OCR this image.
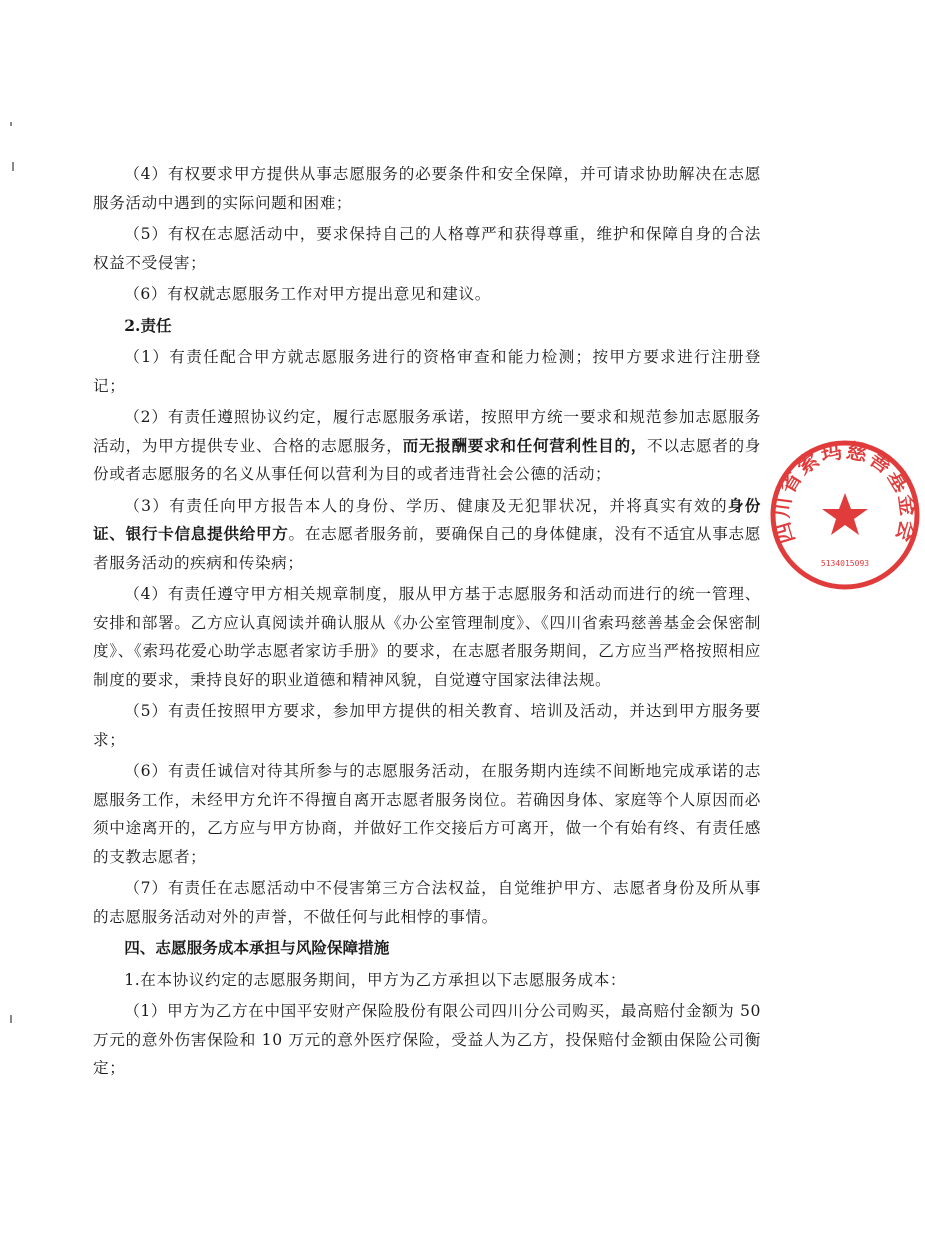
（4）有权要求甲方提供从事志愿服务的必要条件和安全保障，并可请求协助解决在志愿服务活动中遇到的实际问题和困难；

（5）有权在志愿活动中，要求保持自己的人格尊严和获得尊重，维护和保障自身的合法权益不受侵害；

（6）有权就志愿服务工作对甲方提出意见和建议。

2.责任

（1）有责任配合甲方就志愿服务进行的资格审查和能力检测；按甲方要求进行注册登记；

（2）有责任遵照协议约定，履行志愿服务承诺，按照甲方统一要求和规范参加志愿服务活动，为甲方提供专业、合格的志愿服务，而无报酬要求和任何营利性目的，不以志愿者的身份或者志愿服务的名义从事任何以营利为目的或者违背社会公德的活动；

（3）有责任向甲方报告本人的身份、学历、健康及无犯罪状况，并将真实有效的身份证、银行卡信息提供给甲方。在志愿者服务前，要确保自己的身体健康，没有不适宜从事志愿者服务活动的疾病和传染病；

（4）有责任遵守甲方相关规章制度，服从甲方基于志愿服务和活动而进行的统一管理、安排和部署。乙方应认真阅读并确认服从《办公室管理制度》、《四川省索玛慈善基金会保密制度》、《索玛花爱心助学志愿者家访手册》的要求，在志愿者服务期间，乙方应当严格按照相应制度的要求，秉持良好的职业道德和精神风貌，自觉遵守国家法律法规。

（5）有责任按照甲方要求，参加甲方提供的相关教育、培训及活动，并达到甲方服务要求；

（6）有责任诚信对待其所参与的志愿服务活动，在服务期内连续不间断地完成承诺的志愿服务工作，未经甲方允许不得擅自离开志愿者服务岗位。若确因身体、家庭等个人原因而必须中途离开的，乙方应与甲方协商，并做好工作交接后方可离开，做一个有始有终、有责任感的支教志愿者；

（7）有责任在志愿活动中不侵害第三方合法权益，自觉维护甲方、志愿者身份及所从事的志愿服务活动对外的声誉，不做任何与此相悖的事情。

四、志愿服务成本承担与风险保障措施

1.在本协议约定的志愿服务期间，甲方为乙方承担以下志愿服务成本：

（1）甲方为乙方在中国平安财产保险股份有限公司四川分公司购买，最高赔付金额为 50 万元的意外伤害保险和 10 万元的意外医疗保险，受益人为乙方，投保赔付金额由保险公司衡定；

四川省索玛慈善基金会
5134015093
